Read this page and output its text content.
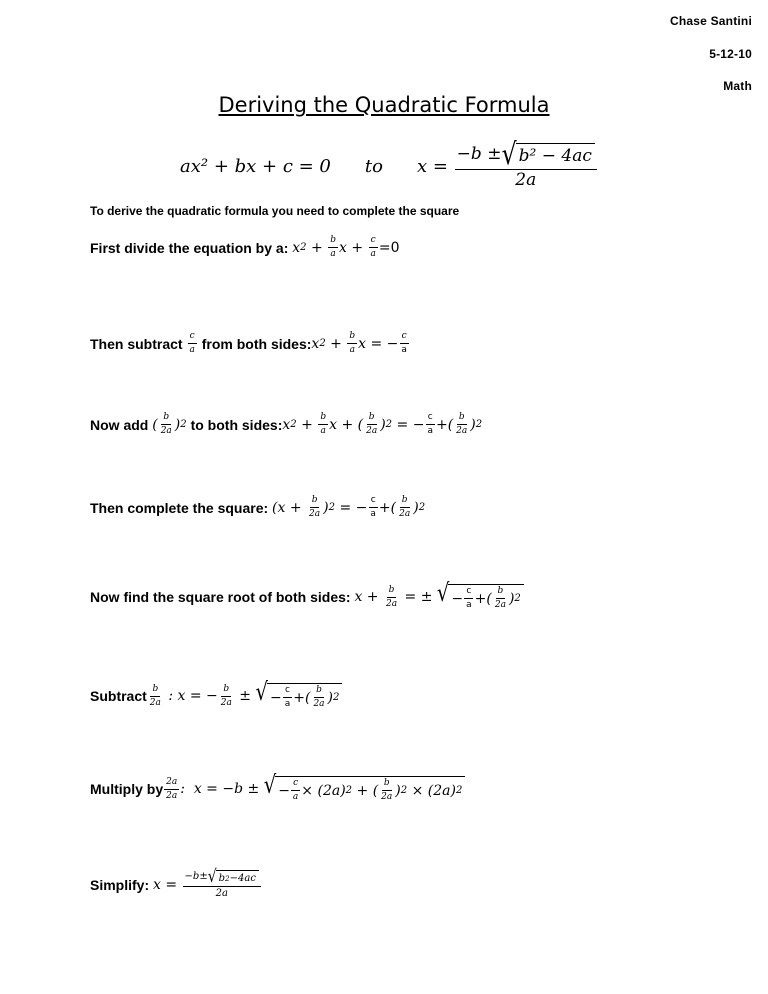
Chase Santini
5-12-10
Math
Deriving the Quadratic Formula
ax² + bx + c = 0 to x =
$\frac{\text{−b ± √ b² − 4ac}}{2a}$
To derive the quadratic formula you need to complete the square
First divide the equation by a:
x $2 + \frac{b}{a}$ $x + \frac{c}{a} =0$
Then subtract
$\frac{c}{a}$
from both sides: x $2 + \frac{b}{a}$ x = − $\frac{c}{a}$
Now add
( $\frac{b}{2a}$ ) 2
to both sides: x $2 + \frac{b}{a}$ x + ( $\frac{b}{2a}$ ) 2 = − $\frac{c}{a}$ +( $\frac{b}{2a}$ ) 2
Then complete the square:
($x + \frac{b}{2a}$ ) 2 = − $\frac{c}{a}$ +( $\frac{b}{2a}$ ) 2
Now find the square root of both sides:
$x + \frac{b}{2a}$ = ± √ − $\frac{c}{a}$ +( $\frac{b}{2a}$ ) 2
Subtract $\frac{b}{2a}$ : x = − $\frac{b}{2a}$ ± √ − $\frac{c}{a}$ +( $\frac{b}{2a}$ ) 2
Multiply by $\frac{2a}{2a}$ :  x = −b ± √ − $\frac{c}{a} \times (2a) 2$ + ( $\frac{b}{2a}$ ) 2 × (2a) 2
Simplify:
$x = \frac{-b\pm √ b 2 -4ac}{2a}$
